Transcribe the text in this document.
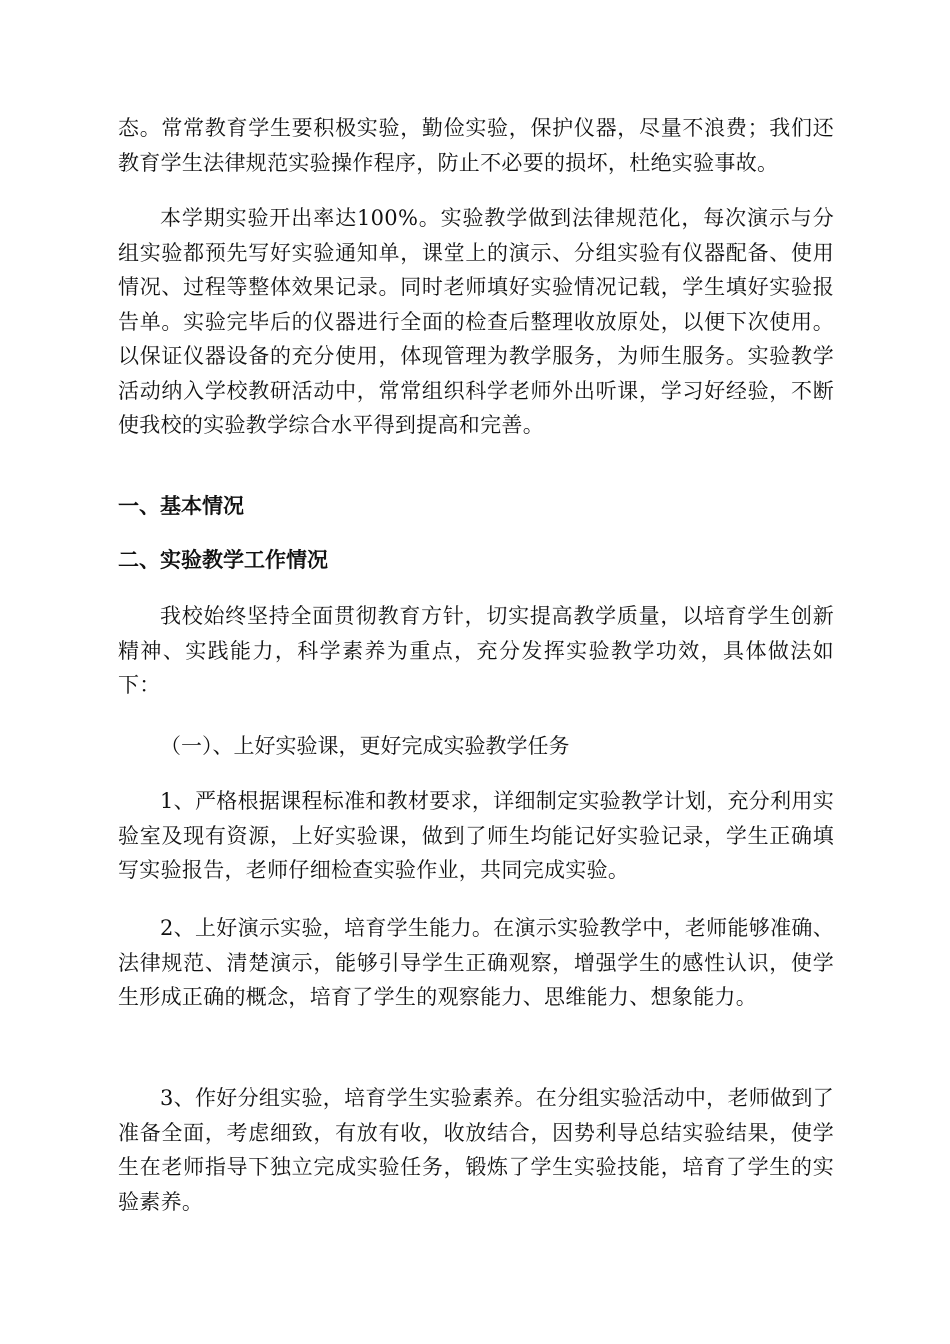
态。常常教育学生要积极实验，勤俭实验，保护仪器，尽量不浪费；我们还教育学生法律规范实验操作程序，防止不必要的损坏，杜绝实验事故。

本学期实验开出率达100%。实验教学做到法律规范化，每次演示与分组实验都预先写好实验通知单，课堂上的演示、分组实验有仪器配备、使用情况、过程等整体效果记录。同时老师填好实验情况记载，学生填好实验报告单。实验完毕后的仪器进行全面的检查后整理收放原处，以便下次使用。以保证仪器设备的充分使用，体现管理为教学服务，为师生服务。实验教学活动纳入学校教研活动中，常常组织科学老师外出听课，学习好经验，不断使我校的实验教学综合水平得到提高和完善。

一、基本情况
二、实验教学工作情况

我校始终坚持全面贯彻教育方针，切实提高教学质量，以培育学生创新精神、实践能力，科学素养为重点，充分发挥实验教学功效，具体做法如下：

（一）、上好实验课，更好完成实验教学任务

1、严格根据课程标准和教材要求，详细制定实验教学计划，充分利用实验室及现有资源，上好实验课，做到了师生均能记好实验记录，学生正确填写实验报告，老师仔细检查实验作业，共同完成实验。

2、上好演示实验，培育学生能力。在演示实验教学中，老师能够准确、法律规范、清楚演示，能够引导学生正确观察，增强学生的感性认识，使学生形成正确的概念，培育了学生的观察能力、思维能力、想象能力。

3、作好分组实验，培育学生实验素养。在分组实验活动中，老师做到了准备全面，考虑细致，有放有收，收放结合，因势利导总结实验结果，使学生在老师指导下独立完成实验任务，锻炼了学生实验技能，培育了学生的实验素养。
